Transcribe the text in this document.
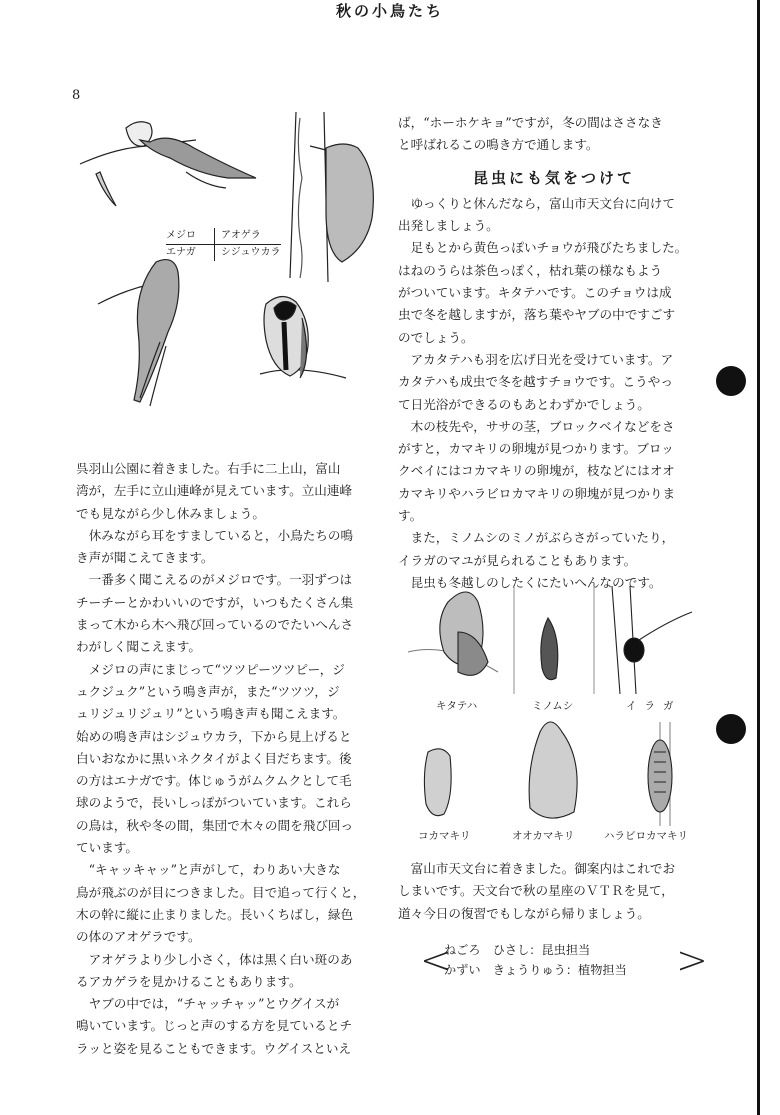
8
メジロ	アオゲラ
エナガ	シジュウカラ
秋の小鳥たち

呉羽山公園に着きました。右手に二上山，富山

湾が，左手に立山連峰が見えています。立山連峰

でも見ながら少し休みましょう。

休みながら耳をすましていると，小鳥たちの鳴

き声が聞こえてきます。

一番多く聞こえるのがメジロです。一羽ずつは

チーチーとかわいいのですが，いつもたくさん集

まって木から木へ飛び回っているのでたいへんさ

わがしく聞こえます。

メジロの声にまじって“ツツピーツツピー，ジ

ュクジュク”という鳴き声が，また“ツツツ，ジ

ュリジュリジュリ”という鳴き声も聞こえます。

始めの鳴き声はシジュウカラ，下から見上げると

白いおなかに黒いネクタイがよく目だちます。後

の方はエナガです。体じゅうがムクムクとして毛

球のようで，長いしっぽがついています。これら

の鳥は，秋や冬の間，集団で木々の間を飛び回っ

ています。

“キャッキャッ”と声がして，わりあい大きな

鳥が飛ぶのが目につきました。目で追って行くと，

木の幹に縦に止まりました。長いくちばし，緑色

の体のアオゲラです。

アオゲラより少し小さく，体は黒く白い斑のあ

るアカゲラを見かけることもあります。

ヤブの中では，“チャッチャッ”とウグイスが

鳴いています。じっと声のする方を見ているとチ

ラッと姿を見ることもできます。ウグイスといえ

ば，“ホーホケキョ”ですが，冬の間はささなき

と呼ばれるこの鳴き方で通します。

昆虫にも気をつけて

ゆっくりと休んだなら，富山市天文台に向けて

出発しましょう。

足もとから黄色っぽいチョウが飛びたちました。

はねのうらは茶色っぽく，枯れ葉の様なもよう

がついています。キタテハです。このチョウは成

虫で冬を越しますが，落ち葉やヤブの中ですごす

のでしょう。

アカタテハも羽を広げ日光を受けています。ア

カタテハも成虫で冬を越すチョウです。こうやっ

て日光浴ができるのもあとわずかでしょう。

木の枝先や，ササの茎，ブロックベイなどをさ

がすと，カマキリの卵塊が見つかります。ブロッ

クベイにはコカマキリの卵塊が，枝などにはオオ

カマキリやハラビロカマキリの卵塊が見つかりま

す。

また，ミノムシのミノがぶらさがっていたり，

イラガのマユが見られることもあります。

昆虫も冬越しのしたくにたいへんなのです。

キタテハ	ミノムシ	イラガ
コカマキリ	オオカマキリ	ハラビロカマキリ

富山市天文台に着きました。御案内はこれでお

しまいです。天文台で秋の星座のＶＴＲを見て，

道々今日の復習でもしながら帰りましょう。

<
ねごろ　ひさし：昆虫担当
かずい　きょうりゅう：植物担当 >
